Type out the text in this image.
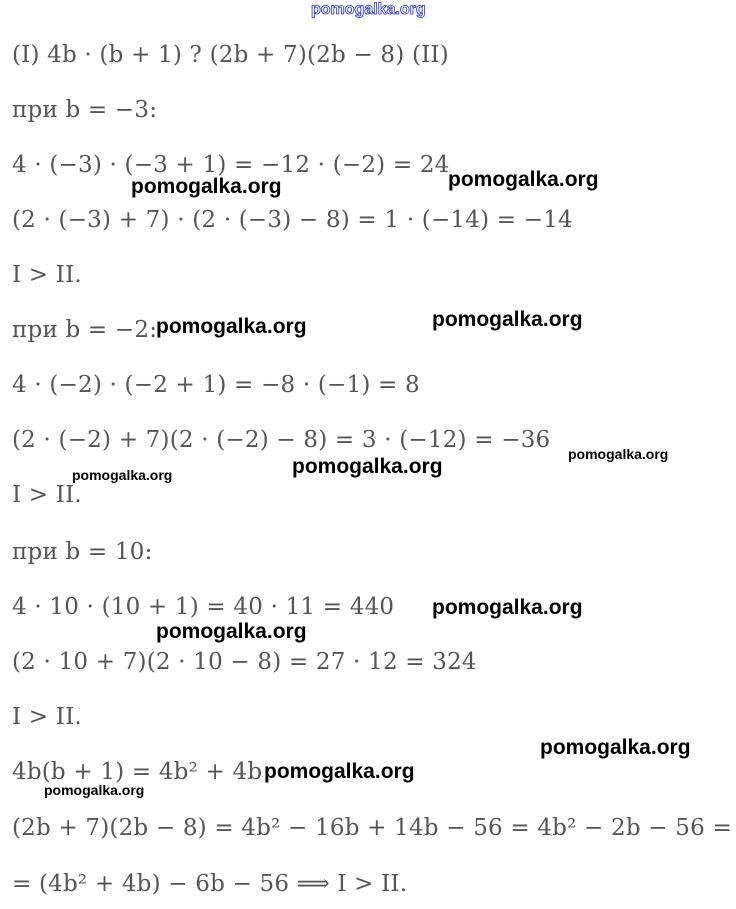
pomogalka.org
(I) 4b · (b + 1) ? (2b + 7)(2b − 8) (II)
при b = −3:
4 · (−3) · (−3 + 1) = −12 · (−2) = 24
(2 · (−3) + 7) · (2 · (−3) − 8) = 1 · (−14) = −14
I > II.
при b = −2:
4 · (−2) · (−2 + 1) = −8 · (−1) = 8
(2 · (−2) + 7)(2 · (−2) − 8) = 3 · (−12) = −36
I > II.
при b = 10:
4 · 10 · (10 + 1) = 40 · 11 = 440
(2 · 10 + 7)(2 · 10 − 8) = 27 · 12 = 324
I > II.
4b(b + 1) = 4b² + 4b
(2b + 7)(2b − 8) = 4b² − 16b + 14b − 56 = 4b² − 2b − 56 =
= (4b² + 4b) − 6b − 56 ⟹ I > II.
pomogalka.org	pomogalka.org
pomogalka.org	pomogalka.org
pomogalka.org
pomogalka.org	pomogalka.org
pomogalka.org
pomogalka.org
pomogalka.org
pomogalka.org
pomogalka.org
